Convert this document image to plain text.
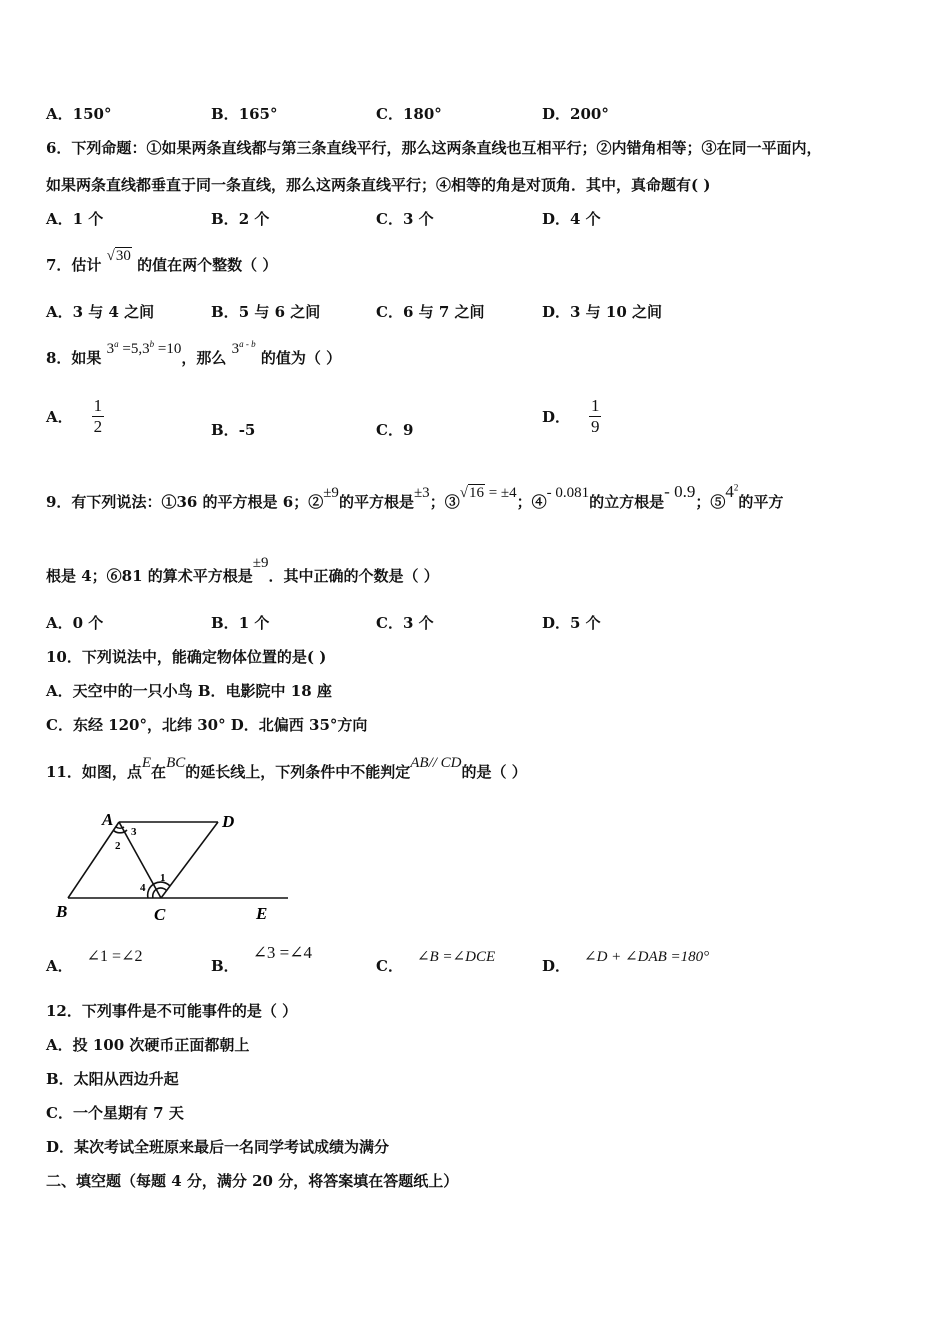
A．150°	B．165°	C．180°	D．200°
6．下列命题：①如果两条直线都与第三条直线平行，那么这两条直线也互相平行；②内错角相等；③在同一平面内，
如果两条直线都垂直于同一条直线，那么这两条直线平行；④相等的角是对顶角．其中，真命题有( )
A．1 个	B．2 个	C．3 个	D．4 个
7．估计 √30 的值在两个整数（ ）
A．3 与 4 之间	B．5 与 6 之间	C．6 与 7 之间	D．3 与 10 之间
8．如果 $3^a =5,3^b =10$，那么 3$^{a - b}$ 的值为（ ）
A． $\frac{1}{2}$	B．-5	C．9
D． $\frac{1}{9}$
9．有下列说法：①36 的平方根是 6；②±9的平方根是±3；③√16 = ±4；④- 0.081的立方根是- 0.9；$⑤4^2$的平方
根是 4；⑥81 的算术平方根是±9．其中正确的个数是（ ）
A．0 个	B．1 个	C．3 个	D．5 个
10．下列说法中，能确定物体位置的是( )
A．天空中的一只小鸟 B．电影院中 18 座
C．东经 120°，北纬 30° D．北偏西 35°方向
11．如图，点E在BC的延长线上，下列条件中不能判定AB// CD的是（ ）
A	D
B	C	E
3
2
1
4
A．∠1 =∠2
B．∠3 =∠4
C． ∠B =∠DCE	D． ∠D + ∠DAB =180°
12．下列事件是不可能事件的是（ ）
A．投 100 次硬币正面都朝上
B．太阳从西边升起
C．一个星期有 7 天
D．某次考试全班原来最后一名同学考试成绩为满分
二、填空题（每题 4 分，满分 20 分，将答案填在答题纸上）
